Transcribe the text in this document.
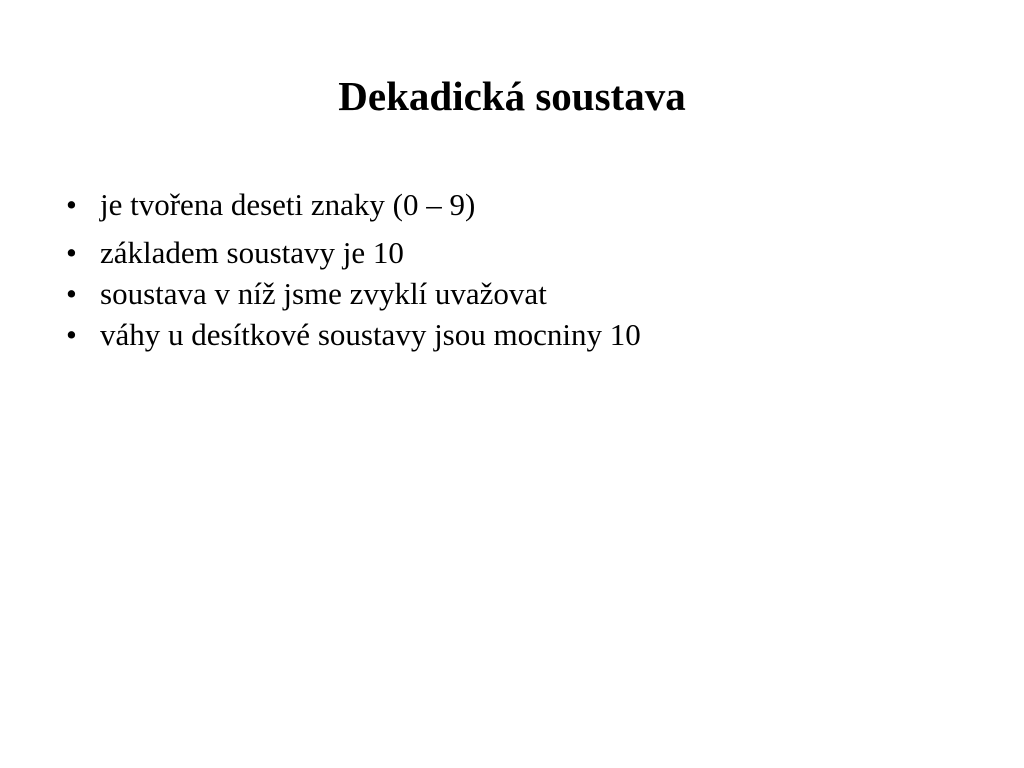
Dekadická soustava
• je tvořena deseti znaky (0 – 9)
• základem soustavy je 10
• soustava v níž jsme zvyklí uvažovat
• váhy u desítkové soustavy jsou mocniny 10
